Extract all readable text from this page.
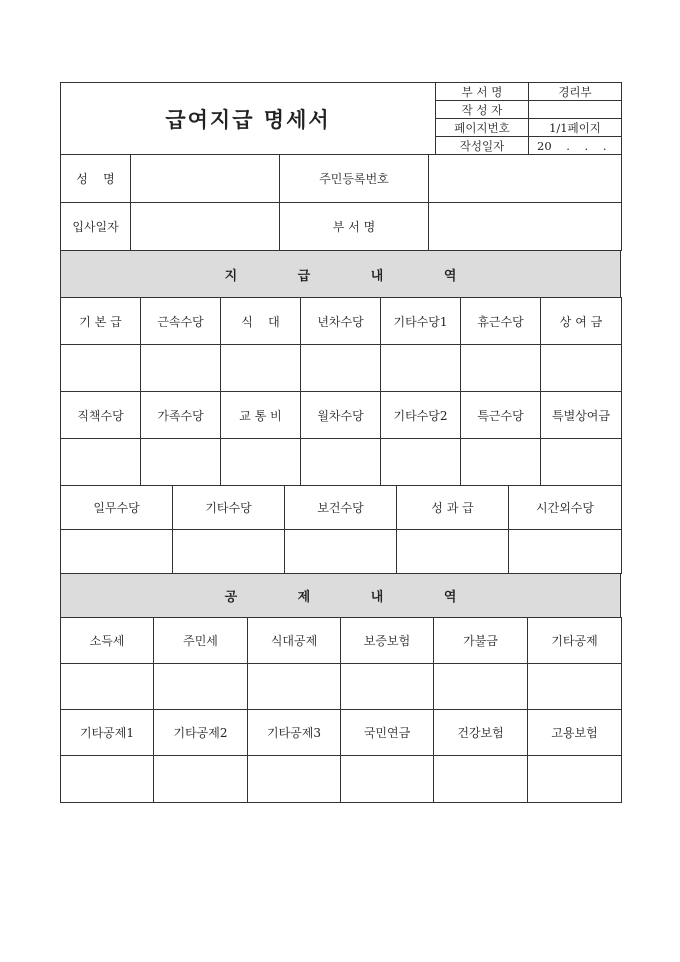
급여지급 명세서	부 서 명	경리부
	작 성 자	
	페이지번호	1/1페이지
	작성일자	20    .    .    .
성    명		주민등록번호	
입사일자		부 서 명	
지 급 내 역
기 본 급	근속수당	식    대	년차수당	기타수당1	휴근수당	상 여 금

직책수당	가족수당	교 통 비	월차수당	기타수당2	특근수당	특별상여금

일무수당	기타수당	보건수당	성 과 급	시간외수당

공 제 내 역
소득세	주민세	식대공제	보증보험	가불금	기타공제

기타공제1	기타공제2	기타공제3	국민연금	건강보험	고용보험
